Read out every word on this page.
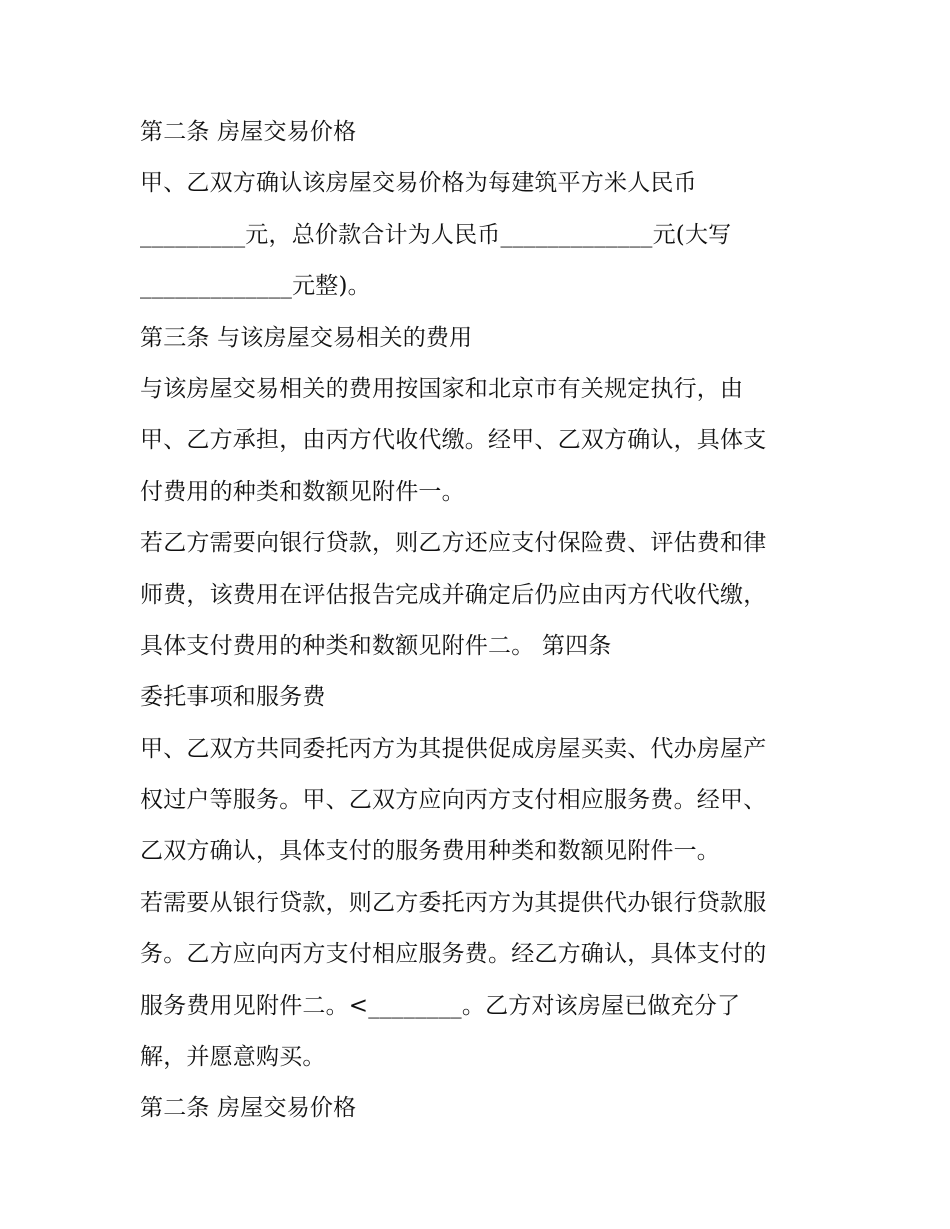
第二条 房屋交易价格
甲、乙双方确认该房屋交易价格为每建筑平方米人民币
_________元，总价款合计为人民币_____________元(大写
_____________元整)。
第三条 与该房屋交易相关的费用
与该房屋交易相关的费用按国家和北京市有关规定执行，由
甲、乙方承担，由丙方代收代缴。经甲、乙双方确认，具体支
付费用的种类和数额见附件一。
若乙方需要向银行贷款，则乙方还应支付保险费、评估费和律
师费，该费用在评估报告完成并确定后仍应由丙方代收代缴，
具体支付费用的种类和数额见附件二。 第四条
委托事项和服务费
甲、乙双方共同委托丙方为其提供促成房屋买卖、代办房屋产
权过户等服务。甲、乙双方应向丙方支付相应服务费。经甲、
乙双方确认，具体支付的服务费用种类和数额见附件一。
若需要从银行贷款，则乙方委托丙方为其提供代办银行贷款服
务。乙方应向丙方支付相应服务费。经乙方确认，具体支付的
服务费用见附件二。<________。乙方对该房屋已做充分了
解，并愿意购买。
第二条 房屋交易价格
